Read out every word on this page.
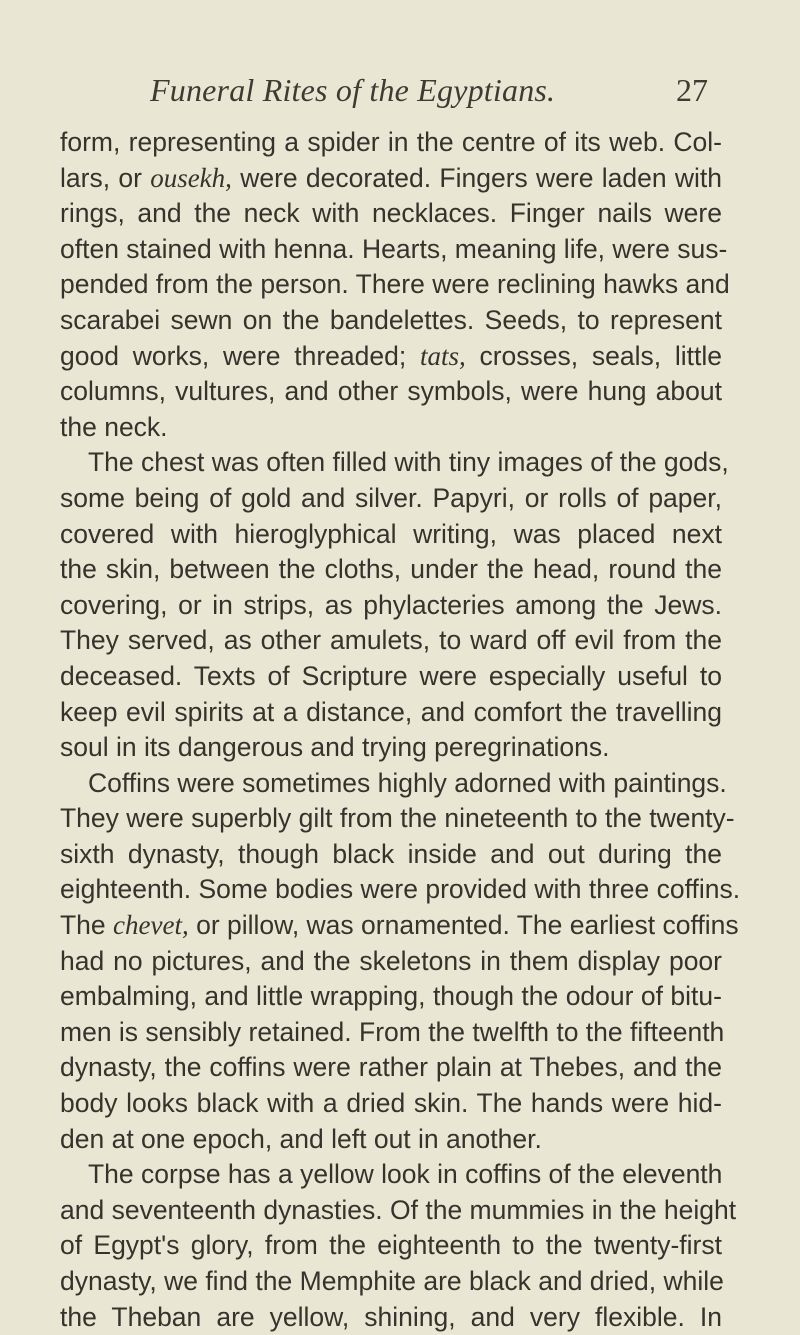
Funeral Rites of the Egyptians.	27
form, representing a spider in the centre of its web. Col-
lars, or ousekh, were decorated. Fingers were laden with
rings, and the neck with necklaces. Finger nails were
often stained with henna. Hearts, meaning life, were sus-
pended from the person. There were reclining hawks and
scarabei sewn on the bandelettes. Seeds, to represent
good works, were threaded; tats, crosses, seals, little
columns, vultures, and other symbols, were hung about
the neck.
The chest was often filled with tiny images of the gods,
some being of gold and silver. Papyri, or rolls of paper,
covered with hieroglyphical writing, was placed next
the skin, between the cloths, under the head, round the
covering, or in strips, as phylacteries among the Jews.
They served, as other amulets, to ward off evil from the
deceased. Texts of Scripture were especially useful to
keep evil spirits at a distance, and comfort the travelling
soul in its dangerous and trying peregrinations.
Coffins were sometimes highly adorned with paintings.
They were superbly gilt from the nineteenth to the twenty-
sixth dynasty, though black inside and out during the
eighteenth. Some bodies were provided with three coffins.
The chevet, or pillow, was ornamented. The earliest coffins
had no pictures, and the skeletons in them display poor
embalming, and little wrapping, though the odour of bitu-
men is sensibly retained. From the twelfth to the fifteenth
dynasty, the coffins were rather plain at Thebes, and the
body looks black with a dried skin. The hands were hid-
den at one epoch, and left out in another.
The corpse has a yellow look in coffins of the eleventh
and seventeenth dynasties. Of the mummies in the height
of Egypt's glory, from the eighteenth to the twenty-first
dynasty, we find the Memphite are black and dried, while
the Theban are yellow, shining, and very flexible. In
